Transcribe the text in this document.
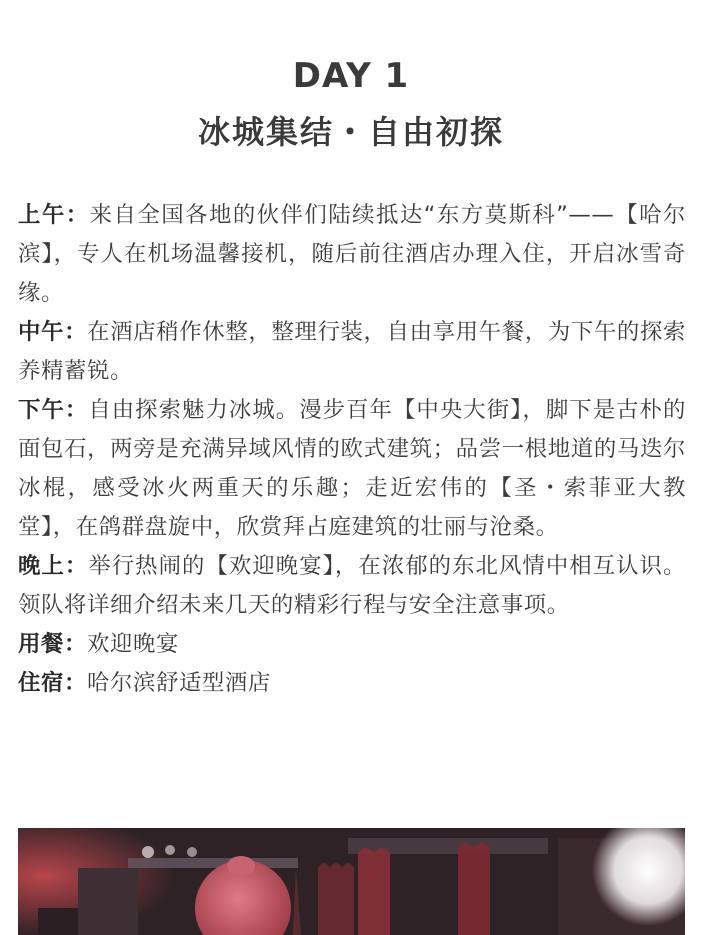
DAY 1
冰城集结・自由初探

上午：来自全国各地的伙伴们陆续抵达“东方莫斯科”——【哈尔滨】，专人在机场温馨接机，随后前往酒店办理入住，开启冰雪奇缘。

中午：在酒店稍作休整，整理行装，自由享用午餐，为下午的探索养精蓄锐。

下午：自由探索魅力冰城。漫步百年【中央大街】，脚下是古朴的面包石，两旁是充满异域风情的欧式建筑；品尝一根地道的马迭尔冰棍，感受冰火两重天的乐趣；走近宏伟的【圣・索菲亚大教堂】，在鸽群盘旋中，欣赏拜占庭建筑的壮丽与沧桑。

晚上：举行热闹的【欢迎晚宴】，在浓郁的东北风情中相互认识。领队将详细介绍未来几天的精彩行程与安全注意事项。

用餐：欢迎晚宴

住宿：哈尔滨舒适型酒店
